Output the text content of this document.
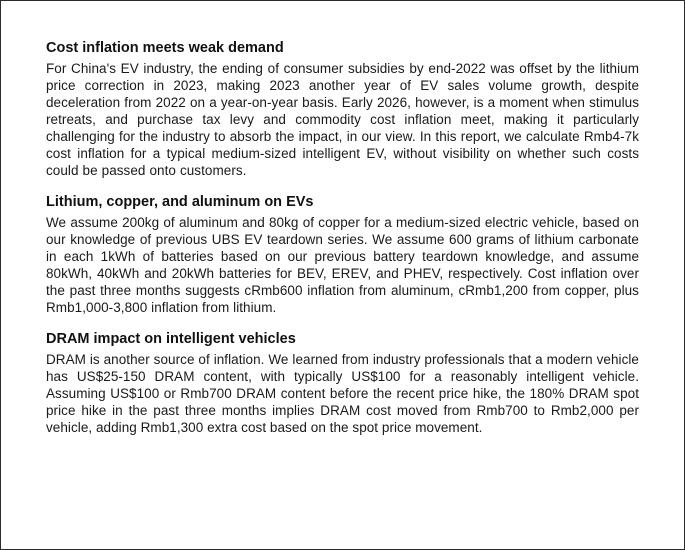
Cost inflation meets weak demand

For China's EV industry, the ending of consumer subsidies by end-2022 was offset by the lithium price correction in 2023, making 2023 another year of EV sales volume growth, despite deceleration from 2022 on a year-on-year basis. Early 2026, however, is a moment when stimulus retreats, and purchase tax levy and commodity cost inflation meet, making it particularly challenging for the industry to absorb the impact, in our view. In this report, we calculate Rmb4-7k cost inflation for a typical medium-sized intelligent EV, without visibility on whether such costs could be passed onto customers.

Lithium, copper, and aluminum on EVs

We assume 200kg of aluminum and 80kg of copper for a medium-sized electric vehicle, based on our knowledge of previous UBS EV teardown series. We assume 600 grams of lithium carbonate in each 1kWh of batteries based on our previous battery teardown knowledge, and assume 80kWh, 40kWh and 20kWh batteries for BEV, EREV, and PHEV, respectively. Cost inflation over the past three months suggests cRmb600 inflation from aluminum, cRmb1,200 from copper, plus Rmb1,000-3,800 inflation from lithium.

DRAM impact on intelligent vehicles

DRAM is another source of inflation. We learned from industry professionals that a modern vehicle has US$25-150 DRAM content, with typically US$100 for a reasonably intelligent vehicle. Assuming US$100 or Rmb700 DRAM content before the recent price hike, the 180% DRAM spot price hike in the past three months implies DRAM cost moved from Rmb700 to Rmb2,000 per vehicle, adding Rmb1,300 extra cost based on the spot price movement.
